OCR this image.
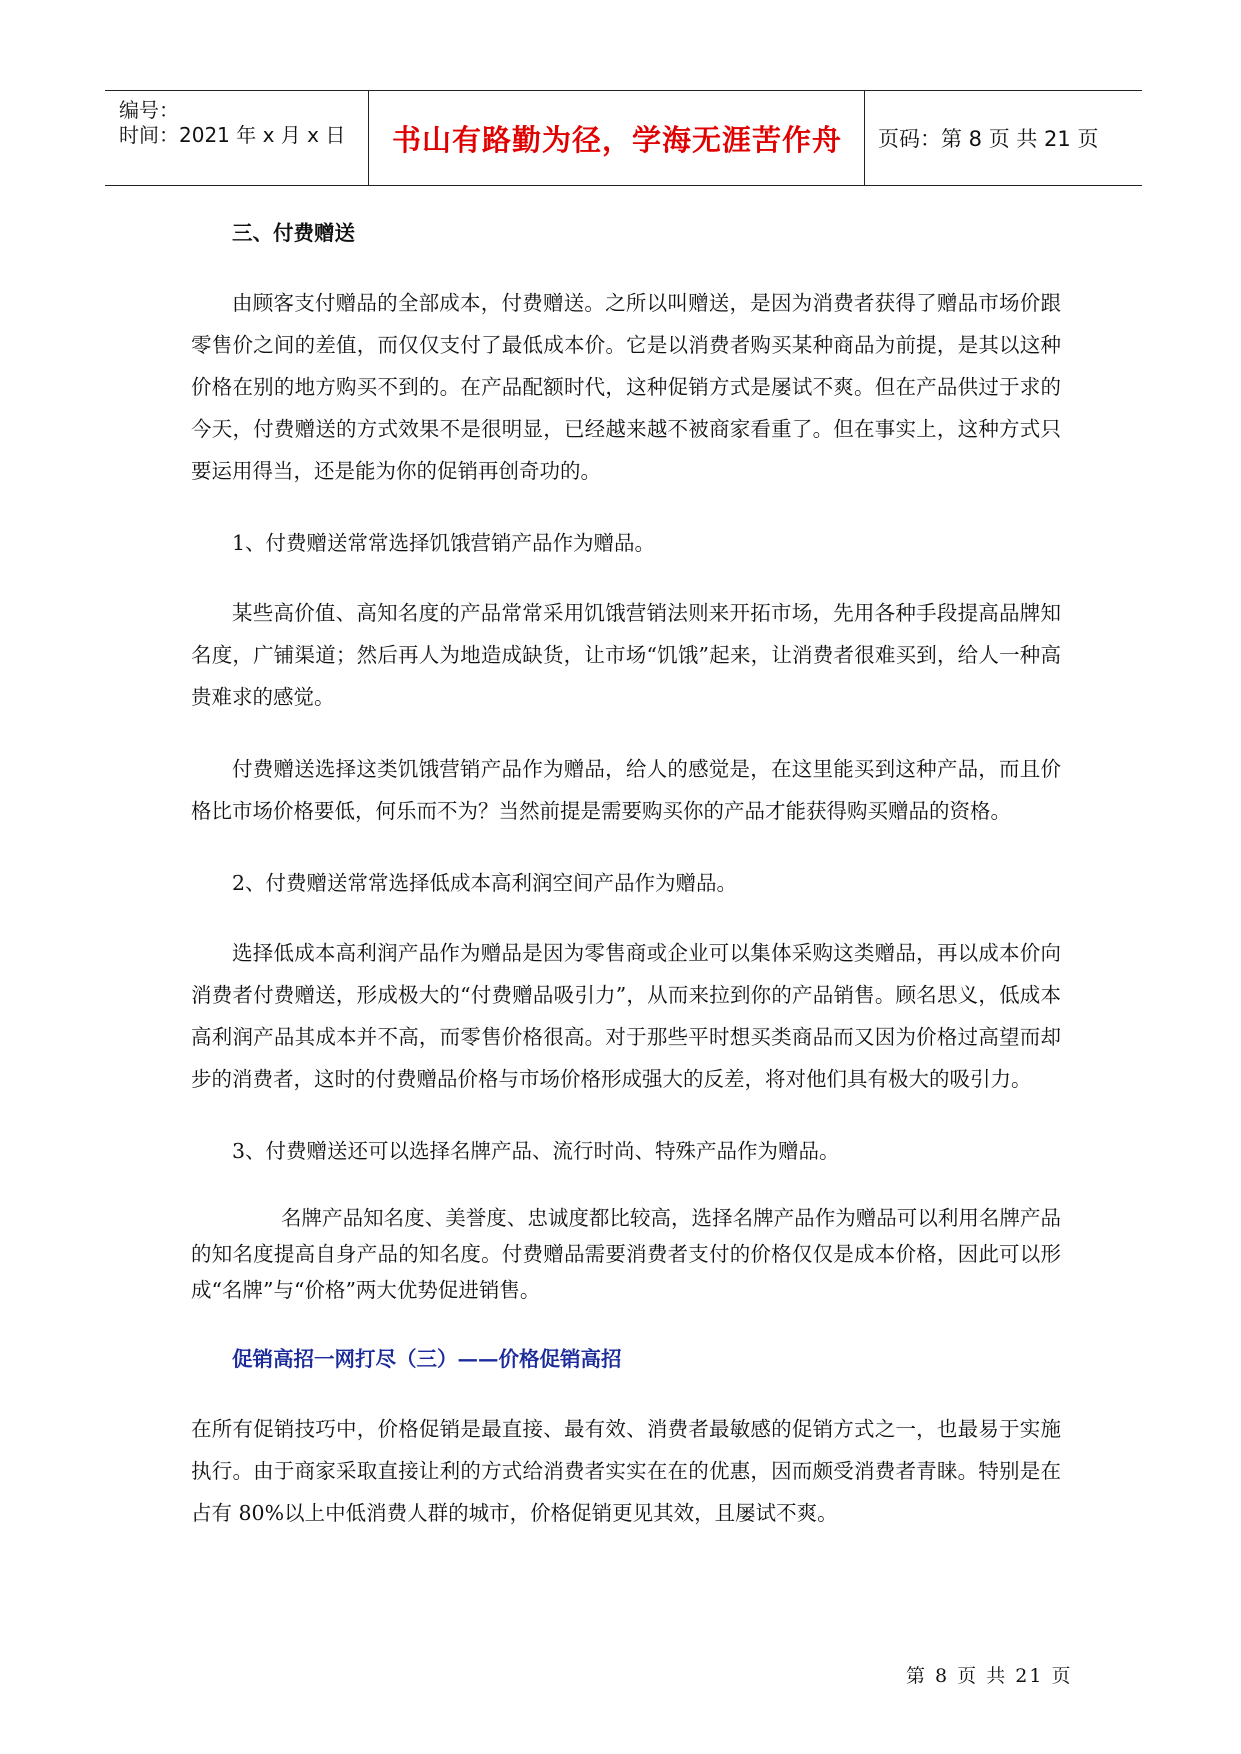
编号：
时间：2021 年 x 月 x 日	书山有路勤为径，学海无涯苦作舟	页码：第 8 页 共 21 页
三、付费赠送

由顾客支付赠品的全部成本，付费赠送。之所以叫赠送，是因为消费者获得了赠品市场价跟零售价之间的差值，而仅仅支付了最低成本价。它是以消费者购买某种商品为前提，是其以这种价格在别的地方购买不到的。在产品配额时代，这种促销方式是屡试不爽。但在产品供过于求的今天，付费赠送的方式效果不是很明显，已经越来越不被商家看重了。但在事实上，这种方式只要运用得当，还是能为你的促销再创奇功的。

1、付费赠送常常选择饥饿营销产品作为赠品。

某些高价值、高知名度的产品常常采用饥饿营销法则来开拓市场，先用各种手段提高品牌知名度，广铺渠道；然后再人为地造成缺货，让市场“饥饿”起来，让消费者很难买到，给人一种高贵难求的感觉。

付费赠送选择这类饥饿营销产品作为赠品，给人的感觉是，在这里能买到这种产品，而且价格比市场价格要低，何乐而不为？当然前提是需要购买你的产品才能获得购买赠品的资格。

2、付费赠送常常选择低成本高利润空间产品作为赠品。

选择低成本高利润产品作为赠品是因为零售商或企业可以集体采购这类赠品，再以成本价向消费者付费赠送，形成极大的“付费赠品吸引力”，从而来拉到你的产品销售。顾名思义，低成本高利润产品其成本并不高，而零售价格很高。对于那些平时想买类商品而又因为价格过高望而却步的消费者，这时的付费赠品价格与市场价格形成强大的反差，将对他们具有极大的吸引力。

3、付费赠送还可以选择名牌产品、流行时尚、特殊产品作为赠品。

名牌产品知名度、美誉度、忠诚度都比较高，选择名牌产品作为赠品可以利用名牌产品的知名度提高自身产品的知名度。付费赠品需要消费者支付的价格仅仅是成本价格，因此可以形成“名牌”与“价格”两大优势促进销售。

促销高招一网打尽（三）——价格促销高招

在所有促销技巧中，价格促销是最直接、最有效、消费者最敏感的促销方式之一，也最易于实施执行。由于商家采取直接让利的方式给消费者实实在在的优惠，因而颇受消费者青睐。特别是在占有 80%以上中低消费人群的城市，价格促销更见其效，且屡试不爽。

第 8 页 共 21 页
